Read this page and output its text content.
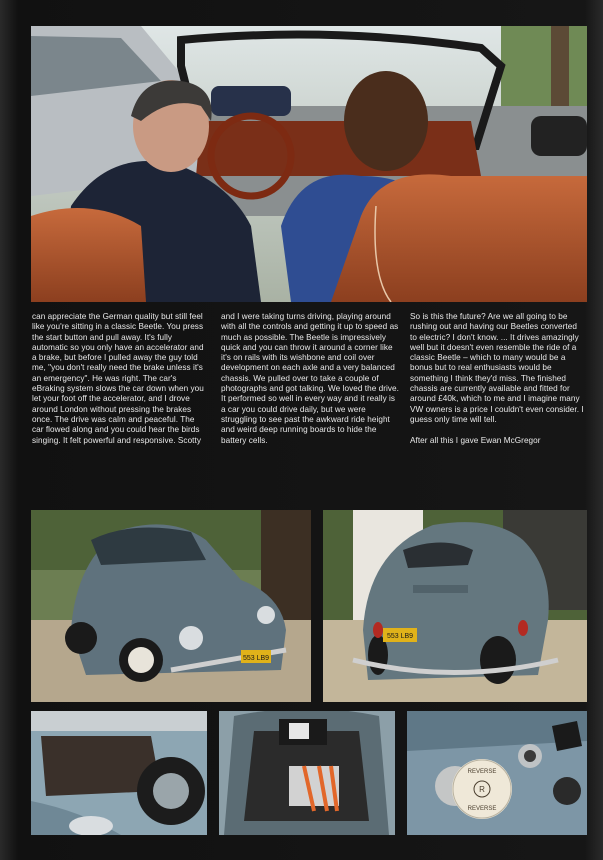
can appreciate the German quality but still feel like you're sitting in a classic Beetle. You press the start button and pull away. It's fully automatic so you only have an accelerator and a brake, but before I pulled away the guy told me, "you don't really need the brake unless it's an emergency". He was right. The car's eBraking system slows the car down when you let your foot off the accelerator, and I drove around London without pressing the brakes once. The drive was calm and peaceful. The car flowed along and you could hear the birds singing. It felt powerful and responsive. Scotty

and I were taking turns driving, playing around with all the controls and getting it up to speed as much as possible. The Beetle is impressively quick and you can throw it around a corner like it's on rails with its wishbone and coil over development on each axle and a very balanced chassis. We pulled over to take a couple of photographs and got talking. We loved the drive. It performed so well in every way and it really is a car you could drive daily, but we were struggling to see past the awkward ride height and weird deep running boards to hide the battery cells.

So is this the future? Are we all going to be rushing out and having our Beetles converted to electric? I don't know. ... It drives amazingly well but it doesn't even resemble the ride of a classic Beetle – which to many would be a bonus but to real enthusiasts would be something I think they'd miss. The finished chassis are currently available and fitted for around £40k, which to me and I imagine many VW owners is a price I couldn't even consider. I guess only time will tell.

After all this I gave Ewan McGregor

553 LB9
553 LB9
REVERSE
R
REVERSE
